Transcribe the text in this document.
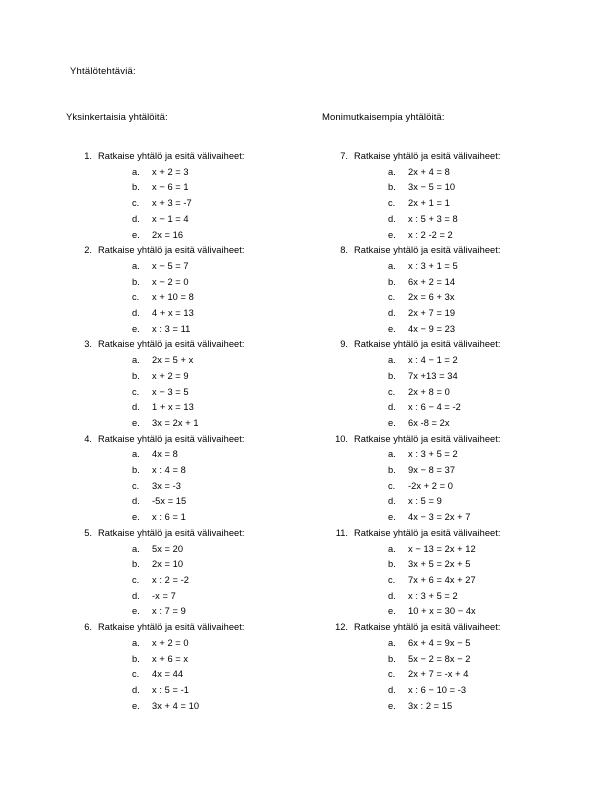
Yhtälötehtäviä:
Yksinkertaisia yhtälöitä:
1. Ratkaise yhtälö ja esitä välivaiheet:
a.	x + 2 = 3
b.	x − 6 = 1
c.	x + 3 = -7
d.	x − 1 = 4
e.	2x = 16
2. Ratkaise yhtälö ja esitä välivaiheet:
a.	x − 5 = 7
b.	x − 2 = 0
c.	x + 10 = 8
d.	4 + x = 13
e.	x : 3 = 11
3. Ratkaise yhtälö ja esitä välivaiheet:
a.	2x = 5 + x
b.	x + 2 = 9
c.	x − 3 = 5
d.	1 + x = 13
e.	3x = 2x + 1
4. Ratkaise yhtälö ja esitä välivaiheet:
a.	4x = 8
b.	x : 4 = 8
c.	3x = -3
d.	-5x = 15
e.	x : 6 = 1
5. Ratkaise yhtälö ja esitä välivaiheet:
a.	5x = 20
b.	2x = 10
c.	x : 2 = -2
d.	-x = 7
e.	x : 7 = 9
6. Ratkaise yhtälö ja esitä välivaiheet:
a.	x + 2 = 0
b.	x + 6 = x
c.	4x = 44
d.	x : 5 = -1
e.	3x + 4 = 10
Monimutkaisempia yhtälöitä:
7. Ratkaise yhtälö ja esitä välivaiheet:
a.	2x + 4 = 8
b.	3x − 5 = 10
c.	2x + 1 = 1
d.	x : 5 + 3 = 8
e.	x : 2 -2 = 2
8. Ratkaise yhtälö ja esitä välivaiheet:
a.	x : 3 + 1 = 5
b.	6x + 2 = 14
c.	2x = 6 + 3x
d.	2x + 7 = 19
e.	4x − 9 = 23
9. Ratkaise yhtälö ja esitä välivaiheet:
a.	x : 4 − 1 = 2
b.	7x +13 = 34
c.	2x + 8 = 0
d.	x : 6 − 4 = -2
e.	6x -8 = 2x
10. Ratkaise yhtälö ja esitä välivaiheet:
a.	x : 3 + 5 = 2
b.	9x − 8 = 37
c.	-2x + 2 = 0
d.	x : 5 = 9
e.	4x − 3 = 2x + 7
11. Ratkaise yhtälö ja esitä välivaiheet:
a.	x − 13 = 2x + 12
b.	3x + 5 = 2x + 5
c.	7x + 6 = 4x + 27
d.	x : 3 + 5 = 2
e.	10 + x = 30 − 4x
12. Ratkaise yhtälö ja esitä välivaiheet:
a.	6x + 4 = 9x − 5
b.	5x − 2 = 8x − 2
c.	2x + 7 = -x + 4
d.	x : 6 − 10 = -3
e.	3x : 2 = 15
